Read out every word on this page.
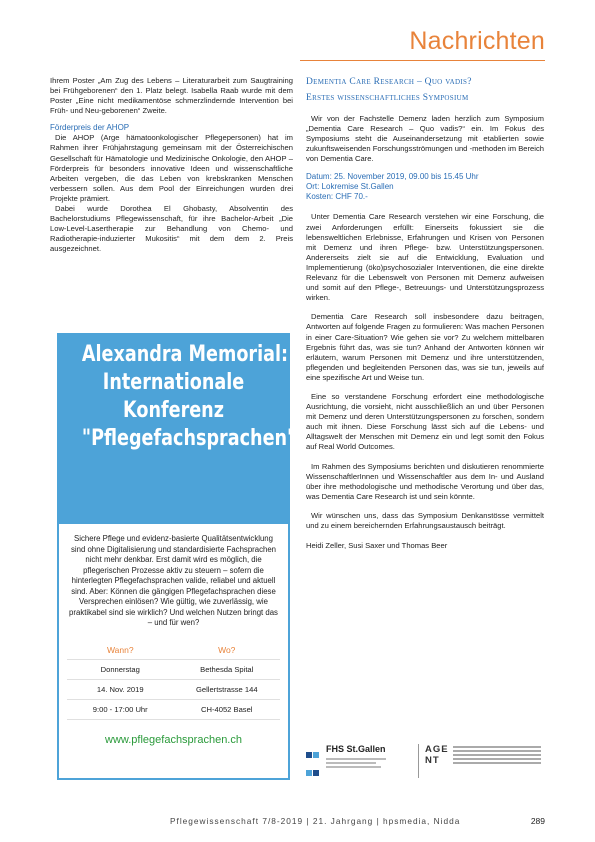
Nachrichten

Ihrem Poster „Am Zug des Lebens – Literaturarbeit zum Saugtraining bei Frühgeborenen“ den 1. Platz belegt. Isabella Raab wurde mit dem Poster „Eine nicht medikamentöse schmerzlindernde Intervention bei Früh- und Neu-geborenen“ Zweite.

Förderpreis der AHOP

Die AHOP (Arge hämatoonkologischer Pflegepersonen) hat im Rahmen ihrer Frühjahrstagung gemeinsam mit der Österreichischen Gesellschaft für Hämatologie und Medizinische Onkologie, den AHOP – Förderpreis für besonders innovative Ideen und wissenschaftliche Arbeiten vergeben, die das Leben von krebskranken Menschen verbessern sollen. Aus dem Pool der Einreichungen wurden drei Projekte prämiert.

Dabei wurde Dorothea El Ghobasty, Absolventin des Bachelorstudiums Pflegewissenschaft, für ihre Bachelor-Arbeit „Die Low-Level-Lasertherapie zur Behandlung von Chemo- und Radiotherapie-induzierter Mukositis“ mit dem dem 2. Preis ausgezeichnet.

Alexandra Memorial:
Internationale
Konferenz
"Pflegefachsprachen"

Sichere Pflege und evidenz-basierte Qualitätsentwicklung sind ohne Digitalisierung und standardisierte Fachsprachen nicht mehr denkbar. Erst damit wird es möglich, die pflegerischen Prozesse aktiv zu steuern – sofern die hinterlegten Pflegefachsprachen valide, reliabel und aktuell sind. Aber: Können die gängigen Pflegefachsprachen diese Versprechen einlösen? Wie gültig, wie zuverlässig, wie praktikabel sind sie wirklich? Und welchen Nutzen bringt das – und für wen?

Wann?	Wo?
Donnerstag	Bethesda Spital
14. Nov. 2019	Gellertstrasse 144
9:00 - 17:00 Uhr	CH-4052 Basel
www.pflegefachsprachen.ch
Dementia Care Research – Quo vadis?
Erstes wissenschaftliches Symposium

Wir von der Fachstelle Demenz laden herzlich zum Symposium „Dementia Care Research – Quo vadis?“ ein. Im Fokus des Symposiums steht die Auseinandersetzung mit etablierten sowie zukunftsweisenden Forschungsströmungen und -methoden im Bereich von Dementia Care.

Datum: 25. November 2019, 09.00 bis 15.45 Uhr
Ort: Lokremise St.Gallen
Kosten: CHF 70.-

Unter Dementia Care Research verstehen wir eine Forschung, die zwei Anforderungen erfüllt: Einerseits fokussiert sie die lebensweltlichen Erlebnisse, Erfahrungen und Krisen von Personen mit Demenz und ihren Pflege- bzw. Unterstützungspersonen. Andererseits zielt sie auf die Entwicklung, Evaluation und Implementierung (öko)psychosozialer Interventionen, die eine direkte Relevanz für die Lebenswelt von Personen mit Demenz aufweisen und somit auf den Pflege-, Betreuungs- und Unterstützungsprozess wirken.

Dementia Care Research soll insbesondere dazu beitragen, Antworten auf folgende Fragen zu formulieren: Was machen Personen in einer Care-Situation? Wie gehen sie vor? Zu welchem mittelbaren Ergebnis führt das, was sie tun? Anhand der Antworten können wir erläutern, warum Personen mit Demenz und ihre unterstützenden, pflegenden und begleitenden Personen das, was sie tun, jeweils auf eine spezifische Art und Weise tun.

Eine so verstandene Forschung erfordert eine methodologische Ausrichtung, die vorsieht, nicht ausschließlich an und über Personen mit Demenz und deren Unterstützungspersonen zu forschen, sondern auch mit ihnen. Diese Forschung lässt sich auf die Lebens- und Alltagswelt der Menschen mit Demenz ein und legt somit den Fokus auf Real World Outcomes.

Im Rahmen des Symposiums berichten und diskutieren renommierte WissenschaftlerInnen und Wissenschaftler aus dem In- und Ausland über ihre methodologische und methodische Verortung und über das, was Dementia Care Research ist und sein könnte.

Wir wünschen uns, dass das Symposium Denkanstösse vermittelt und zu einem bereichernden Erfahrungsaustausch beiträgt.

Heidi Zeller, Susi Saxer und Thomas Beer

FHS St.Gallen	AGE
NT
Pflegewissenschaft 7/8-2019 | 21. Jahrgang | hpsmedia, Nidda	289
